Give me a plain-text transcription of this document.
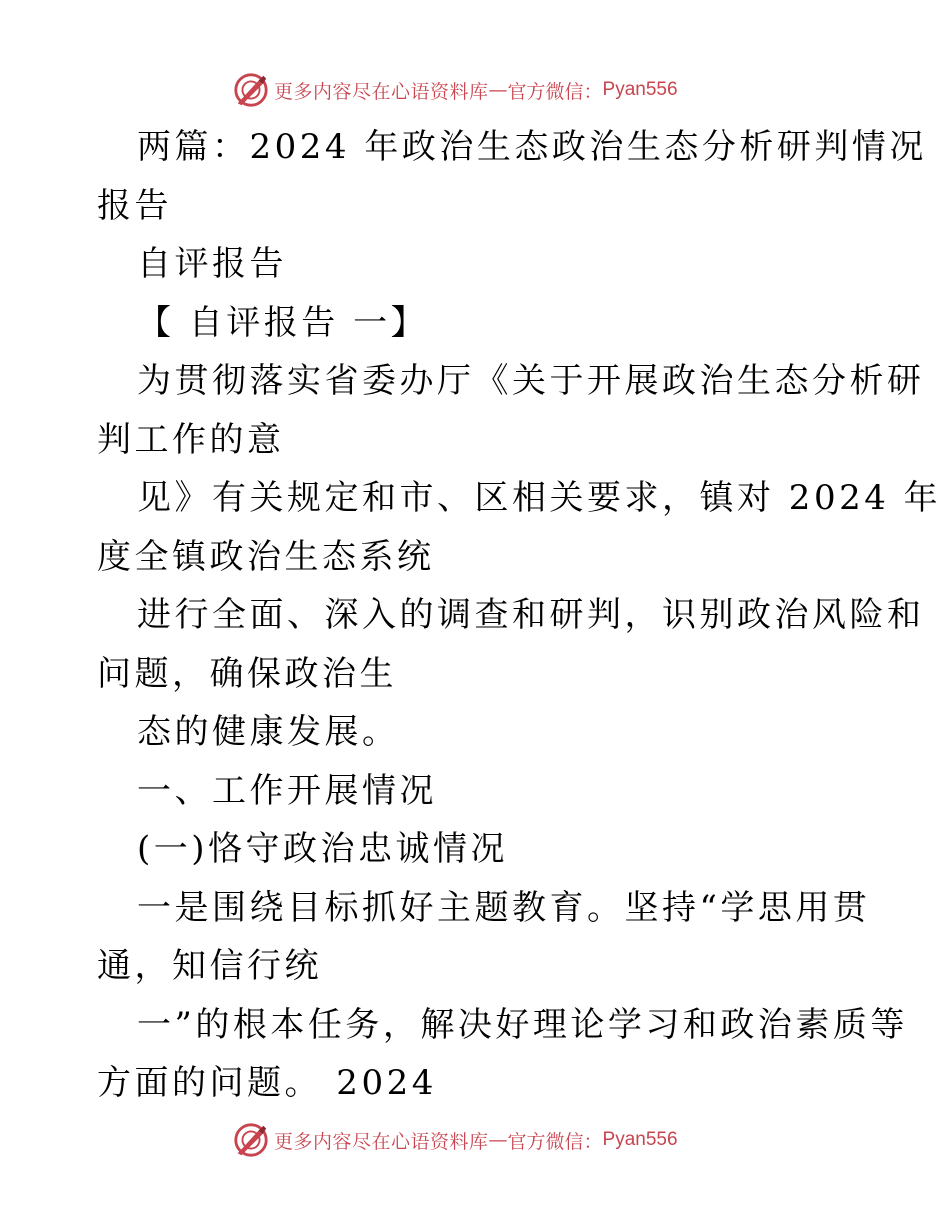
更多内容尽在心语资料库 — 官方微信： Pyan556
两篇：2024 年政治生态政治生态分析研判情况
报告
自评报告
【 自评报告 一】
为贯彻落实省委办厅《关于开展政治生态分析研
判工作的意
见》有关规定和市、区相关要求，镇对 2024 年
度全镇政治生态系统
进行全面、深入的调查和研判，识别政治风险和
问题，确保政治生
态的健康发展。
一、工作开展情况
(一)恪守政治忠诚情况
一是围绕目标抓好主题教育。坚持“学思用贯
通，知信行统
一”的根本任务，解决好理论学习和政治素质等
方面的问题。 2024
更多内容尽在心语资料库 — 官方微信： Pyan556
